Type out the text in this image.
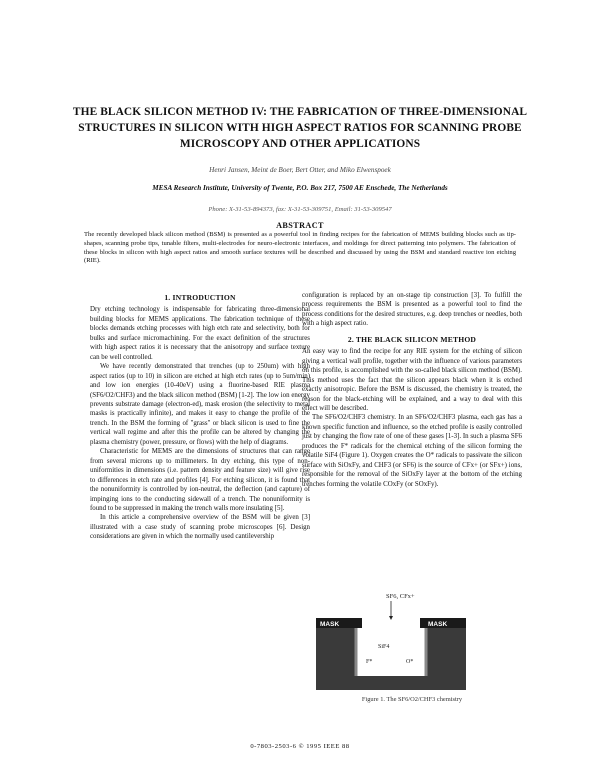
THE BLACK SILICON METHOD IV: THE FABRICATION OF THREE-DIMENSIONAL STRUCTURES IN SILICON WITH HIGH ASPECT RATIOS FOR SCANNING PROBE MICROSCOPY AND OTHER APPLICATIONS
Henri Jansen, Meint de Boer, Bert Otter, and Miko Elwenspoek
MESA Research Institute, University of Twente, P.O. Box 217, 7500 AE Enschede, The Netherlands
Phone: X-31-53-894373, fax: X-31-53-309751, Email: 31-53-309547
ABSTRACT
The recently developed black silicon method (BSM) is presented as a powerful tool in finding recipes for the fabrication of MEMS building blocks such as tip-shapes, scanning probe tips, tunable filters, multi-electrodes for neuro-electronic interfaces, and moldings for direct patterning into polymers. The fabrication of these blocks in silicon with high aspect ratios and smooth surface textures will be described and discussed by using the BSM and standard reactive ion etching (RIE).
1. INTRODUCTION

Dry etching technology is indispensable for fabricating three-dimensional building blocks for MEMS applications. The fabrication technique of these blocks demands etching processes with high etch rate and selectivity, both for bulks and surface micromachining. For the exact definition of the structures with high aspect ratios it is necessary that the anisotropy and surface texture can be well controlled.

We have recently demonstrated that trenches (up to 250um) with high aspect ratios (up to 10) in silicon are etched at high etch rates (up to 5um/min) and low ion energies (10-40eV) using a fluorine-based RIE plasma (SF6/O2/CHF3) and the black silicon method (BSM) [1-2]. The low ion energy prevents substrate damage (electron-ed), mask erosion (the selectivity to metal masks is practically infinite), and makes it easy to change the profile of the trench. In the BSM the forming of "grass" or black silicon is used to fine the vertical wall regime and after this the profile can be altered by changing the plasma chemistry (power, pressure, or flows) with the help of diagrams.

Characteristic for MEMS are the dimensions of structures that can range from several microns up to millimeters. In dry etching, this type of non-uniformities in dimensions (i.e. pattern density and feature size) will give rise to differences in etch rate and profiles [4]. For etching silicon, it is found that the nonuniformity is controlled by ion-neutral, the deflection (and capture) of impinging ions to the conducting sidewall of a trench. The nonuniformity is found to be suppressed in making the trench walls more insulating [5].

In this article a comprehensive overview of the BSM will be given [3] illustrated with a case study of scanning probe microscopes [6]. Design considerations are given in which the normally used cantilevership

configuration is replaced by an on-stage tip construction [3]. To fulfill the process requirements the BSM is presented as a powerful tool to find the process conditions for the desired structures, e.g. deep trenches or needles, both with a high aspect ratio.

2. THE BLACK SILICON METHOD

An easy way to find the recipe for any RIE system for the etching of silicon giving a vertical wall profile, together with the influence of various parameters on this profile, is accomplished with the so-called black silicon method (BSM). This method uses the fact that the silicon appears black when it is etched exactly anisotropic. Before the BSM is discussed, the chemistry is treated, the reason for the black-etching will be explained, and a way to deal with this effect will be described.

The SF6/O2/CHF3 chemistry. In an SF6/O2/CHF3 plasma, each gas has a known specific function and influence, so the etched profile is easily controlled just by changing the flow rate of one of these gases [1-3]. In such a plasma SF6 produces the F* radicals for the chemical etching of the silicon forming the volatile SiF4 (Figure 1). Oxygen creates the O* radicals to passivate the silicon surface with SiOxFy, and CHF3 (or SF6) is the source of CFx+ (or SFx+) ions, responsible for the removal of the SiOxFy layer at the bottom of the etching trenches forming the volatile COxFy (or SOxFy).

SF6, CFx+
MASK	MASK
SiF4
F*	O*
Figure 1. The SF6/O2/CHF3 chemistry
0-7803-2503-6 © 1995 IEEE 88
